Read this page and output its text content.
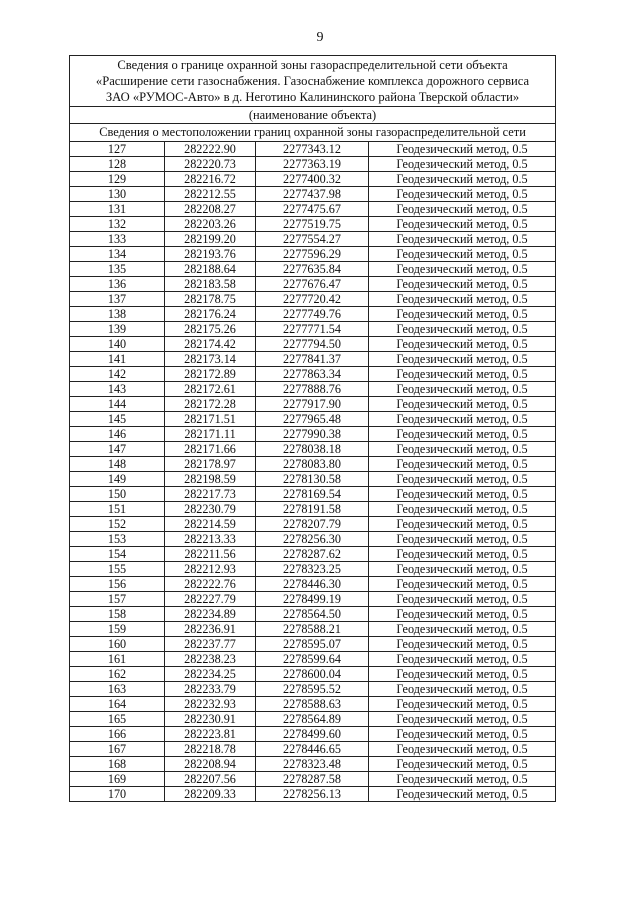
9
Сведения о границе охранной зоны газораспределительной сети объекта
«Расширение сети газоснабжения. Газоснабжение комплекса дорожного сервиса
ЗАО «РУМОС-Авто» в д. Неготино Калининского района Тверской области»			

(наименование объекта)			
Сведения о местоположении границ охранной зоны газораспределительной сети			
127	282222.90	2277343.12	Геодезический метод, 0.5
128	282220.73	2277363.19	Геодезический метод, 0.5
129	282216.72	2277400.32	Геодезический метод, 0.5
130	282212.55	2277437.98	Геодезический метод, 0.5
131	282208.27	2277475.67	Геодезический метод, 0.5
132	282203.26	2277519.75	Геодезический метод, 0.5
133	282199.20	2277554.27	Геодезический метод, 0.5
134	282193.76	2277596.29	Геодезический метод, 0.5
135	282188.64	2277635.84	Геодезический метод, 0.5
136	282183.58	2277676.47	Геодезический метод, 0.5
137	282178.75	2277720.42	Геодезический метод, 0.5
138	282176.24	2277749.76	Геодезический метод, 0.5
139	282175.26	2277771.54	Геодезический метод, 0.5
140	282174.42	2277794.50	Геодезический метод, 0.5
141	282173.14	2277841.37	Геодезический метод, 0.5
142	282172.89	2277863.34	Геодезический метод, 0.5
143	282172.61	2277888.76	Геодезический метод, 0.5
144	282172.28	2277917.90	Геодезический метод, 0.5
145	282171.51	2277965.48	Геодезический метод, 0.5
146	282171.11	2277990.38	Геодезический метод, 0.5
147	282171.66	2278038.18	Геодезический метод, 0.5
148	282178.97	2278083.80	Геодезический метод, 0.5
149	282198.59	2278130.58	Геодезический метод, 0.5
150	282217.73	2278169.54	Геодезический метод, 0.5
151	282230.79	2278191.58	Геодезический метод, 0.5
152	282214.59	2278207.79	Геодезический метод, 0.5
153	282213.33	2278256.30	Геодезический метод, 0.5
154	282211.56	2278287.62	Геодезический метод, 0.5
155	282212.93	2278323.25	Геодезический метод, 0.5
156	282222.76	2278446.30	Геодезический метод, 0.5
157	282227.79	2278499.19	Геодезический метод, 0.5
158	282234.89	2278564.50	Геодезический метод, 0.5
159	282236.91	2278588.21	Геодезический метод, 0.5
160	282237.77	2278595.07	Геодезический метод, 0.5
161	282238.23	2278599.64	Геодезический метод, 0.5
162	282234.25	2278600.04	Геодезический метод, 0.5
163	282233.79	2278595.52	Геодезический метод, 0.5
164	282232.93	2278588.63	Геодезический метод, 0.5
165	282230.91	2278564.89	Геодезический метод, 0.5
166	282223.81	2278499.60	Геодезический метод, 0.5
167	282218.78	2278446.65	Геодезический метод, 0.5
168	282208.94	2278323.48	Геодезический метод, 0.5
169	282207.56	2278287.58	Геодезический метод, 0.5
170	282209.33	2278256.13	Геодезический метод, 0.5
